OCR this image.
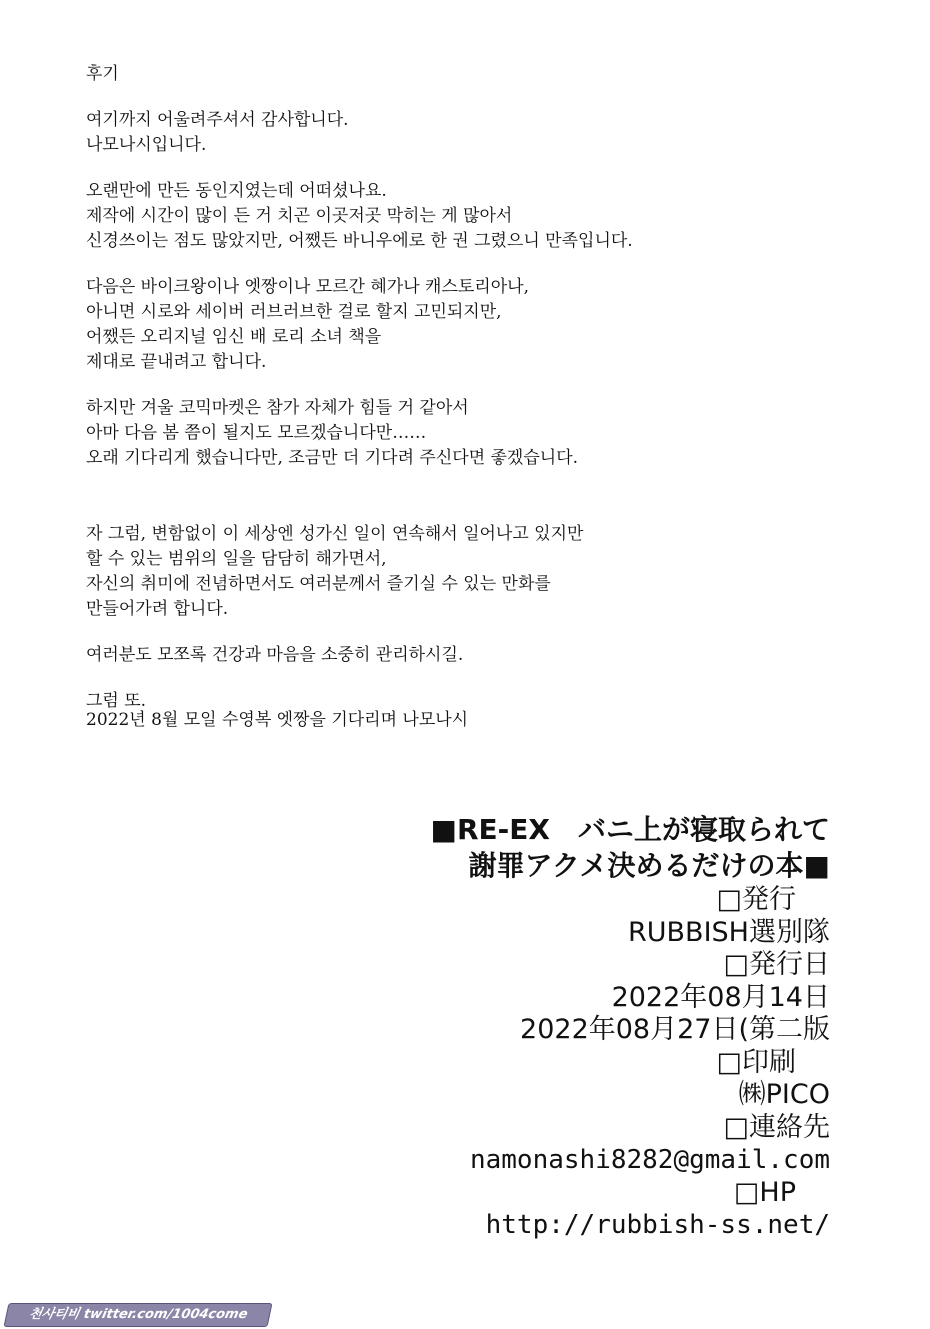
후기
여기까지 어울려주셔서 감사합니다.
나모나시입니다.
오랜만에 만든 동인지였는데 어떠셨나요.
제작에 시간이 많이 든 거 치곤 이곳저곳 막히는 게 많아서
신경쓰이는 점도 많았지만, 어쨌든 바니우에로 한 권 그렸으니 만족입니다.
다음은 바이크왕이나 엣짱이나 모르간 혜가나 캐스토리아나,
아니면 시로와 세이버 러브러브한 걸로 할지 고민되지만,
어쨌든 오리지널 임신 배 로리 소녀 책을
제대로 끝내려고 합니다.
하지만 겨울 코믹마켓은 참가 자체가 힘들 거 같아서
아마 다음 봄 쯤이 될지도 모르겠습니다만……
오래 기다리게 했습니다만, 조금만 더 기다려 주신다면 좋겠습니다.
자 그럼, 변함없이 이 세상엔 성가신 일이 연속해서 일어나고 있지만
할 수 있는 범위의 일을 담담히 해가면서,
자신의 취미에 전념하면서도 여러분께서 즐기실 수 있는 만화를
만들어가려 합니다.
여러분도 모쪼록 건강과 마음을 소중히 관리하시길.
그럼 또.
2022년 8월 모일 수영복 엣짱을 기다리며 나모나시
■RE-EX　バニ上が寝取られて
謝罪アクメ決めるだけの本■
□発行
RUBBISH選別隊
□発行日
2022年08月14日
2022年08月27日(第二版
□印刷
㈱PICO
□連絡先
namonashi8282@gmail.com
□HP
http://rubbish-ss.net/
천사티비 twitter.com/1004come
